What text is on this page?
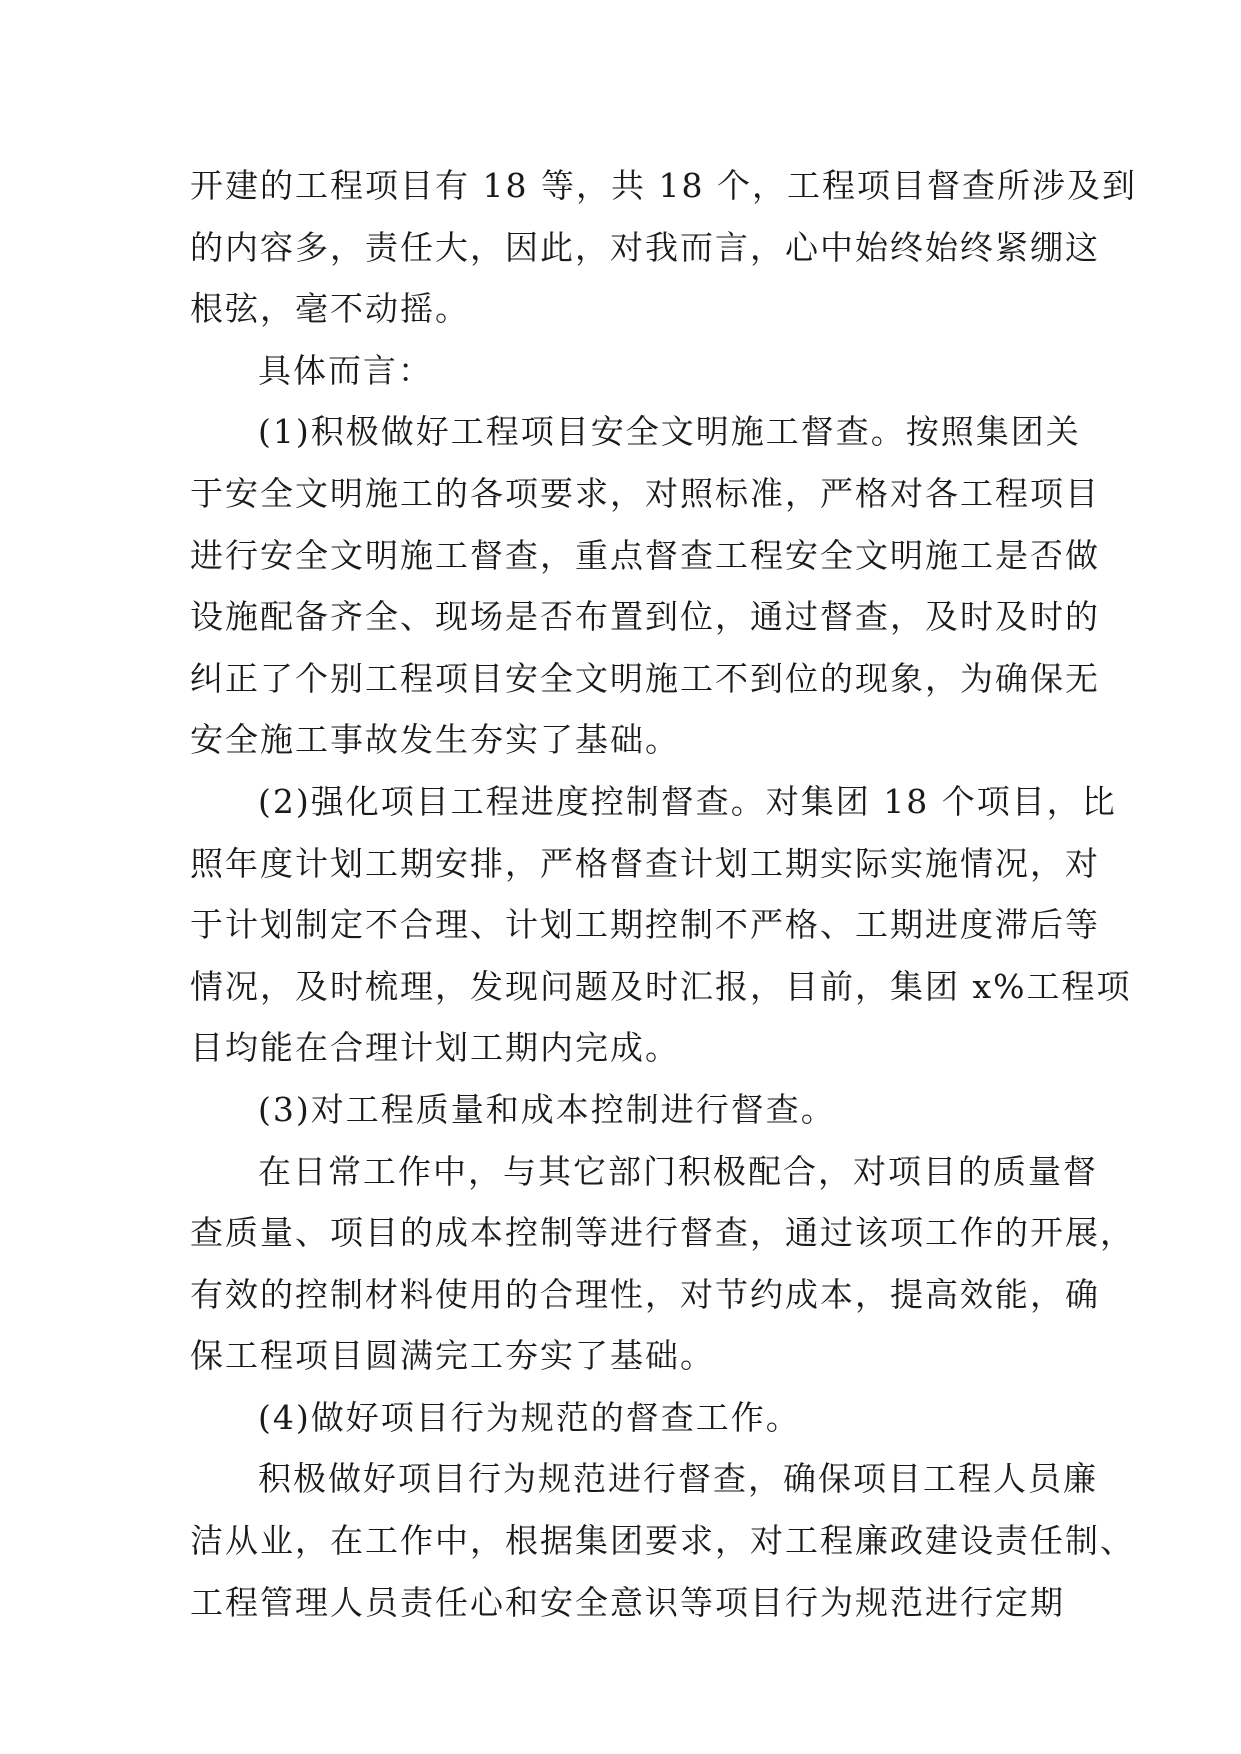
开建的工程项目有 18 等，共 18 个，工程项目督查所涉及到
的内容多，责任大，因此，对我而言，心中始终始终紧绷这
根弦，毫不动摇。
具体而言：
(1)积极做好工程项目安全文明施工督查。按照集团关
于安全文明施工的各项要求，对照标准，严格对各工程项目
进行安全文明施工督查，重点督查工程安全文明施工是否做
设施配备齐全、现场是否布置到位，通过督查，及时及时的
纠正了个别工程项目安全文明施工不到位的现象，为确保无
安全施工事故发生夯实了基础。
(2)强化项目工程进度控制督查。对集团 18 个项目，比
照年度计划工期安排，严格督查计划工期实际实施情况，对
于计划制定不合理、计划工期控制不严格、工期进度滞后等
情况，及时梳理，发现问题及时汇报，目前，集团 x%工程项
目均能在合理计划工期内完成。
(3)对工程质量和成本控制进行督查。
在日常工作中，与其它部门积极配合，对项目的质量督
查质量、项目的成本控制等进行督查，通过该项工作的开展，
有效的控制材料使用的合理性，对节约成本，提高效能，确
保工程项目圆满完工夯实了基础。
(4)做好项目行为规范的督查工作。
积极做好项目行为规范进行督查，确保项目工程人员廉
洁从业，在工作中，根据集团要求，对工程廉政建设责任制、
工程管理人员责任心和安全意识等项目行为规范进行定期
